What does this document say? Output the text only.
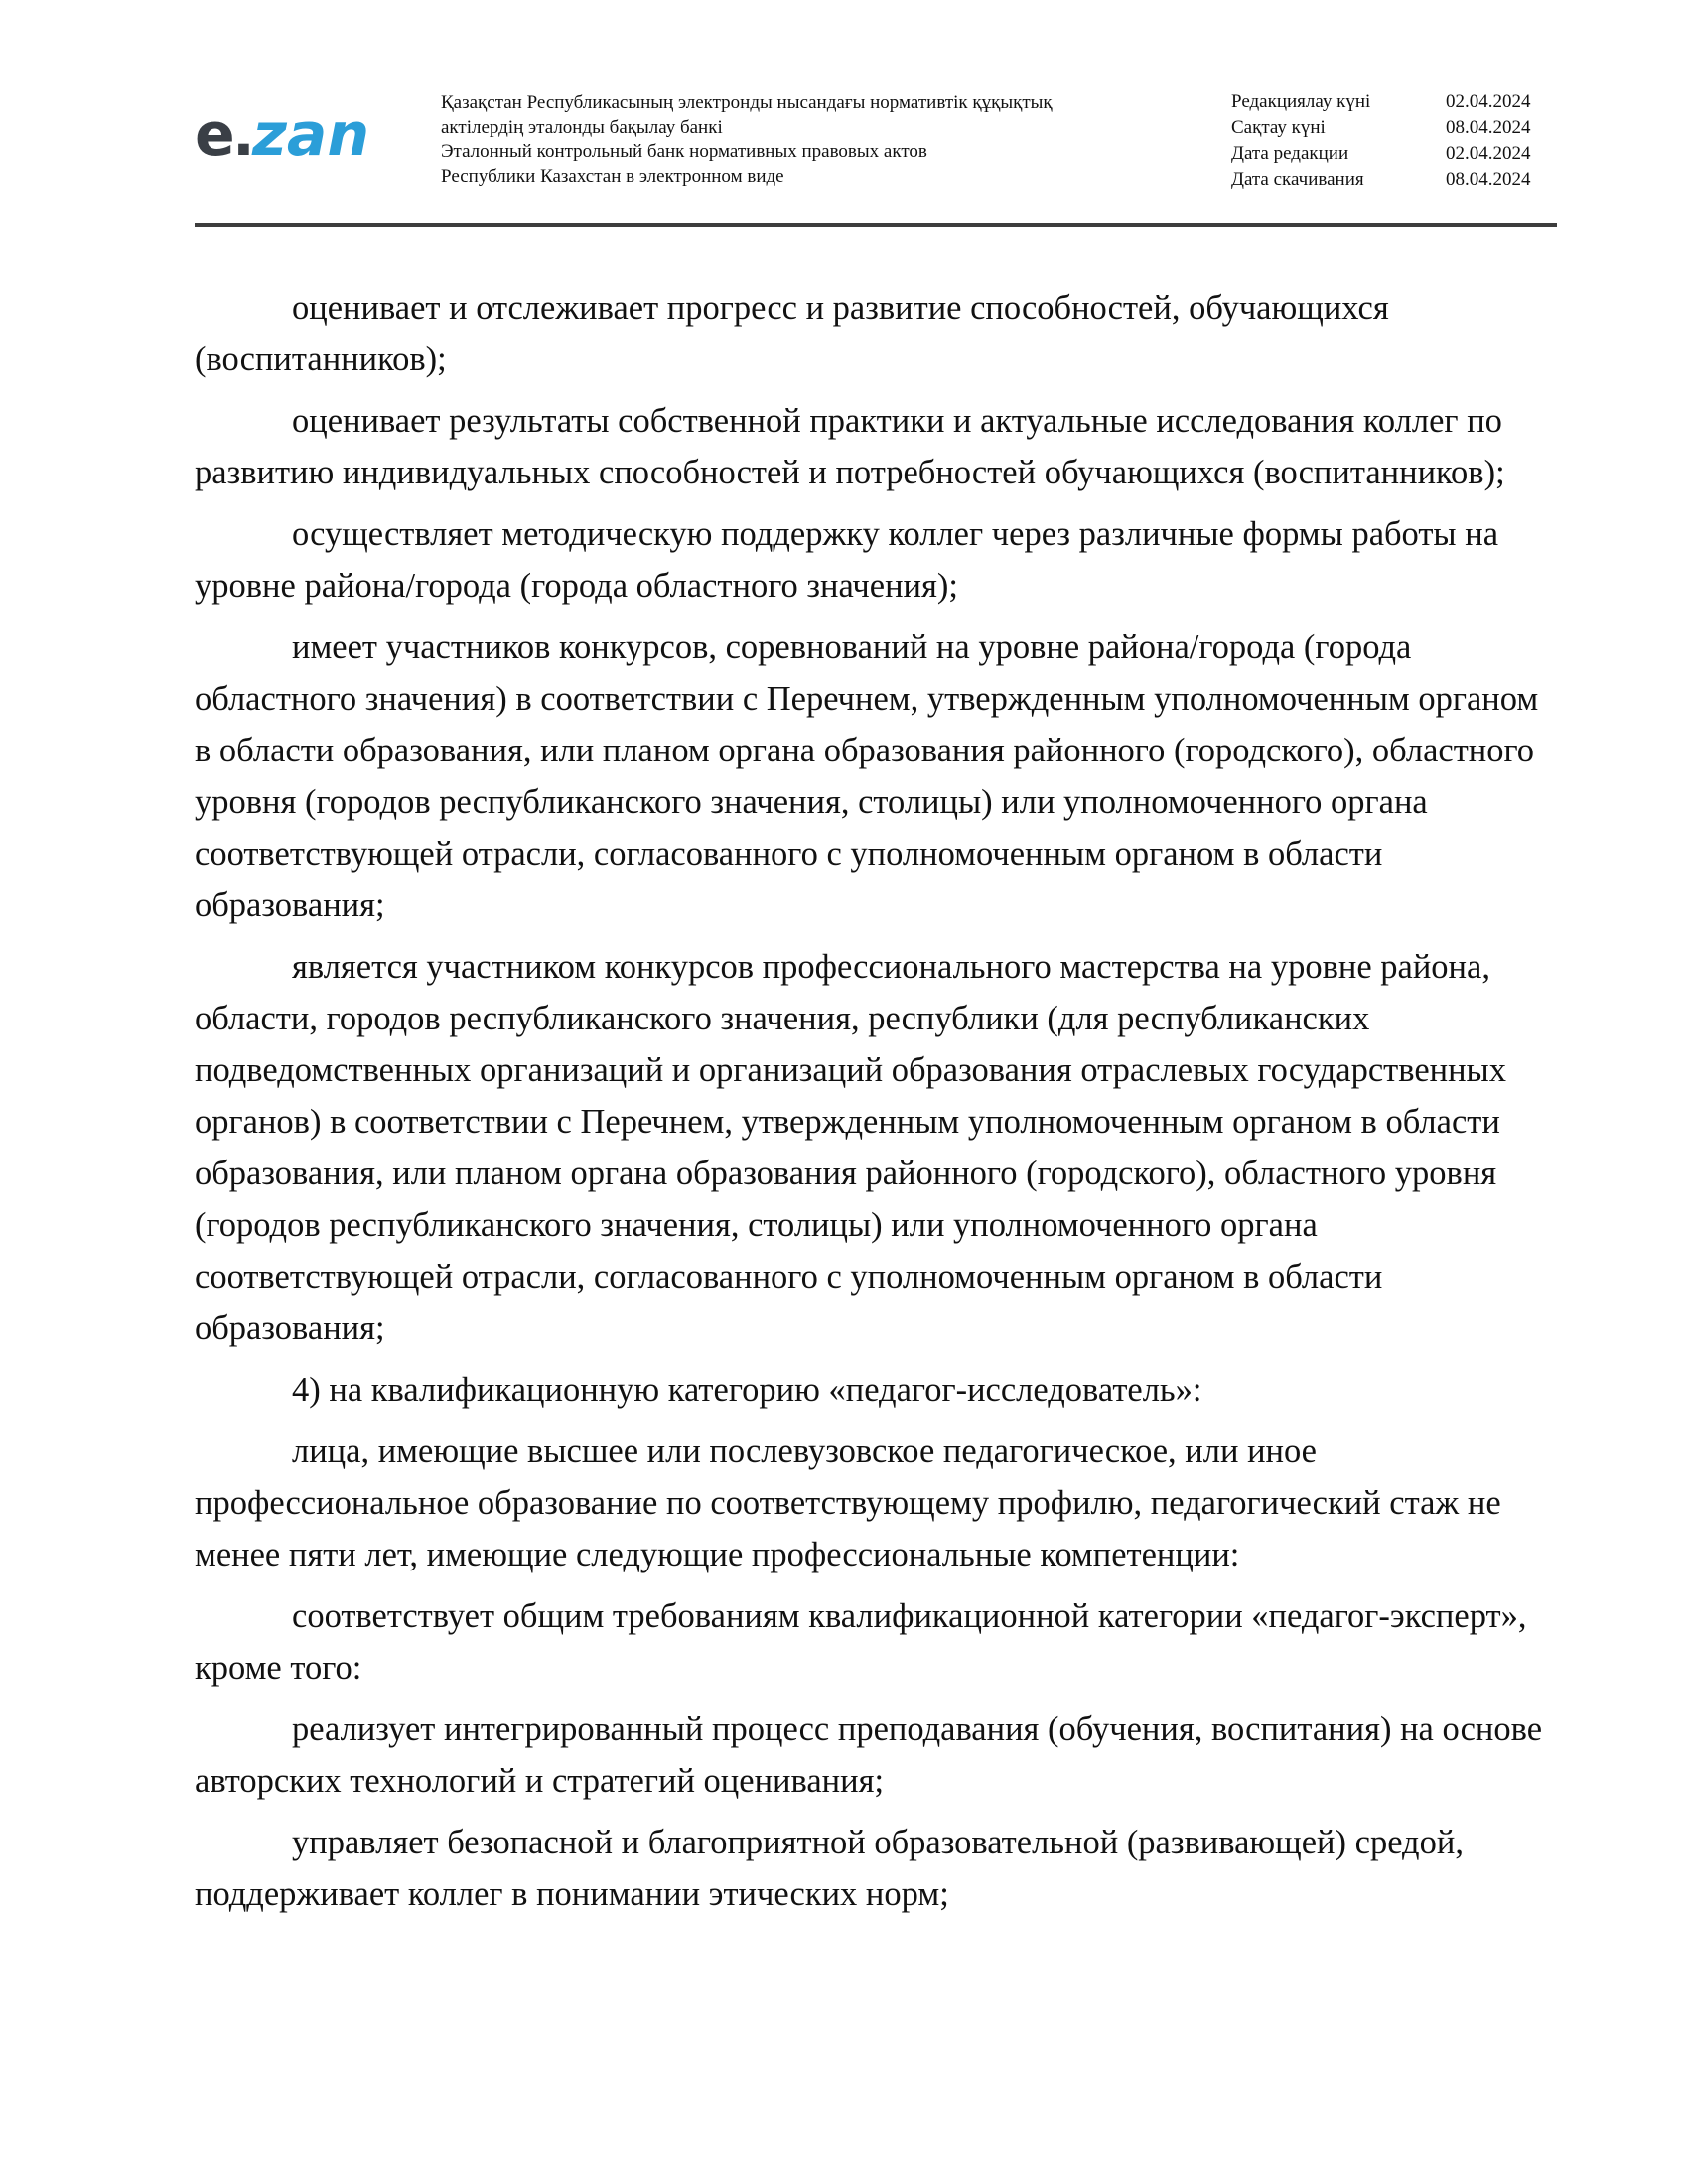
e
.
zan	Қазақстан Республикасының электронды нысандағы нормативтік құқықтық
актілердің эталонды бақылау банкі
Эталонный контрольный банк нормативных правовых актов
Республики Казахстан в электронном виде
Редакциялау күні	02.04.2024
Сақтау күні	08.04.2024
Дата редакции	02.04.2024
Дата скачивания	08.04.2024

оценивает и отслеживает прогресс и развитие способностей, обучающихся (воспитанников);

оценивает результаты собственной практики и актуальные исследования коллег по развитию индивидуальных способностей и потребностей обучающихся (воспитанников);

осуществляет методическую поддержку коллег через различные формы работы на уровне района/города (города областного значения);

имеет участников конкурсов, соревнований на уровне района/города (города областного значения) в соответствии с Перечнем, утвержденным уполномоченным органом в области образования, или планом органа образования районного (городского), областного уровня (городов республиканского значения, столицы) или уполномоченного органа соответствующей отрасли, согласованного с уполномоченным органом в области образования;

является участником конкурсов профессионального мастерства на уровне района, области, городов республиканского значения, республики (для республиканских подведомственных организаций и организаций образования отраслевых государственных органов) в соответствии с Перечнем, утвержденным уполномоченным органом в области образования, или планом органа образования районного (городского), областного уровня (городов республиканского значения, столицы) или уполномоченного органа соответствующей отрасли, согласованного с уполномоченным органом в области образования;

4) на квалификационную категорию «педагог-исследователь»:

лица, имеющие высшее или послевузовское педагогическое, или иное профессиональное образование по соответствующему профилю, педагогический стаж не менее пяти лет, имеющие следующие профессиональные компетенции:

соответствует общим требованиям квалификационной категории «педагог-эксперт», кроме того:

реализует интегрированный процесс преподавания (обучения, воспитания) на основе авторских технологий и стратегий оценивания;

управляет безопасной и благоприятной образовательной (развивающей) средой, поддерживает коллег в понимании этических норм;
